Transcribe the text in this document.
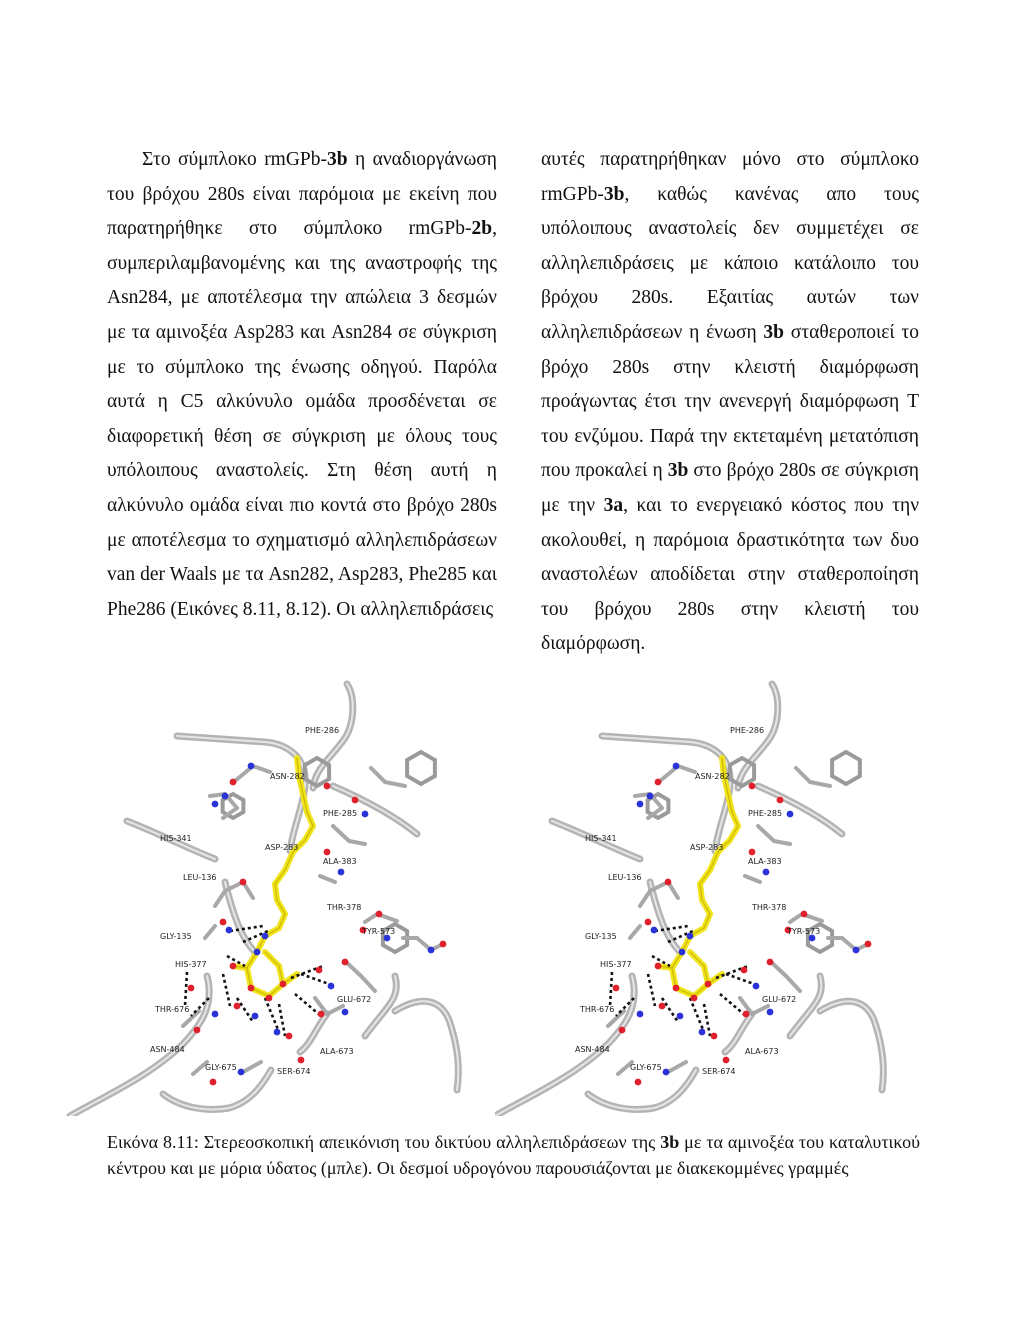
Στο σύμπλοκο rmGPb-3b η αναδιοργάνωση του βρόχου 280s είναι παρόμοια με εκείνη που παρατηρήθηκε στο σύμπλοκο rmGPb-2b, συμπεριλαμβανομένης και της αναστροφής της Asn284, με αποτέλεσμα την απώλεια 3 δεσμών με τα αμινοξέα Asp283 και Asn284 σε σύγκριση με το σύμπλοκο της ένωσης οδηγού. Παρόλα αυτά η C5 αλκύνυλο ομάδα προσδένεται σε διαφορετική θέση σε σύγκριση με όλους τους υπόλοιπους αναστολείς. Στη θέση αυτή η αλκύνυλο ομάδα είναι πιο κοντά στο βρόχο 280s με αποτέλεσμα το σχηματισμό αλληλεπιδράσεων van der Waals με τα Asn282, Asp283, Phe285 και Phe286 (Εικόνες 8.11, 8.12). Οι αλληλεπιδράσεις

αυτές παρατηρήθηκαν μόνο στο σύμπλοκο rmGPb-3b, καθώς κανένας απο τους υπόλοιπους αναστολείς δεν συμμετέχει σε αλληλεπιδράσεις με κάποιο κατάλοιπο του βρόχου 280s. Εξαιτίας αυτών των αλληλεπιδράσεων η ένωση 3b σταθεροποιεί το βρόχο 280s στην κλειστή διαμόρφωση προάγωντας έτσι την ανενεργή διαμόρφωση T του ενζύμου. Παρά την εκτεταμένη μετατόπιση που προκαλεί η 3b στο βρόχο 280s σε σύγκριση με την 3a, και το ενεργειακό κόστος που την ακολουθεί, η παρόμοια δραστικότητα των δυο αναστολέων αποδίδεται στην σταθεροποίηση του βρόχου 280s στην κλειστή του διαμόρφωση.

PHE-286
ASN-282
PHE-285
HIS-341
ASP-283
ALA-383
LEU-136
THR-378
TYR-573
GLY-135
HIS-377
GLU-672
THR-676
ASN-484	ALA-673
GLY-675	SER-674
PHE-286
ASN-282
PHE-285
HIS-341
ASP-283
ALA-383
LEU-136
THR-378
TYR-573
GLY-135
HIS-377
GLU-672
THR-676
ASN-484	ALA-673
GLY-675	SER-674
Εικόνα 8.11: Στερεοσκοπική απεικόνιση του δικτύου αλληλεπιδράσεων της 3b με τα αμινοξέα του καταλυτικού κέντρου και με μόρια ύδατος (μπλε). Οι δεσμοί υδρογόνου παρουσιάζονται με διακεκομμένες γραμμές
